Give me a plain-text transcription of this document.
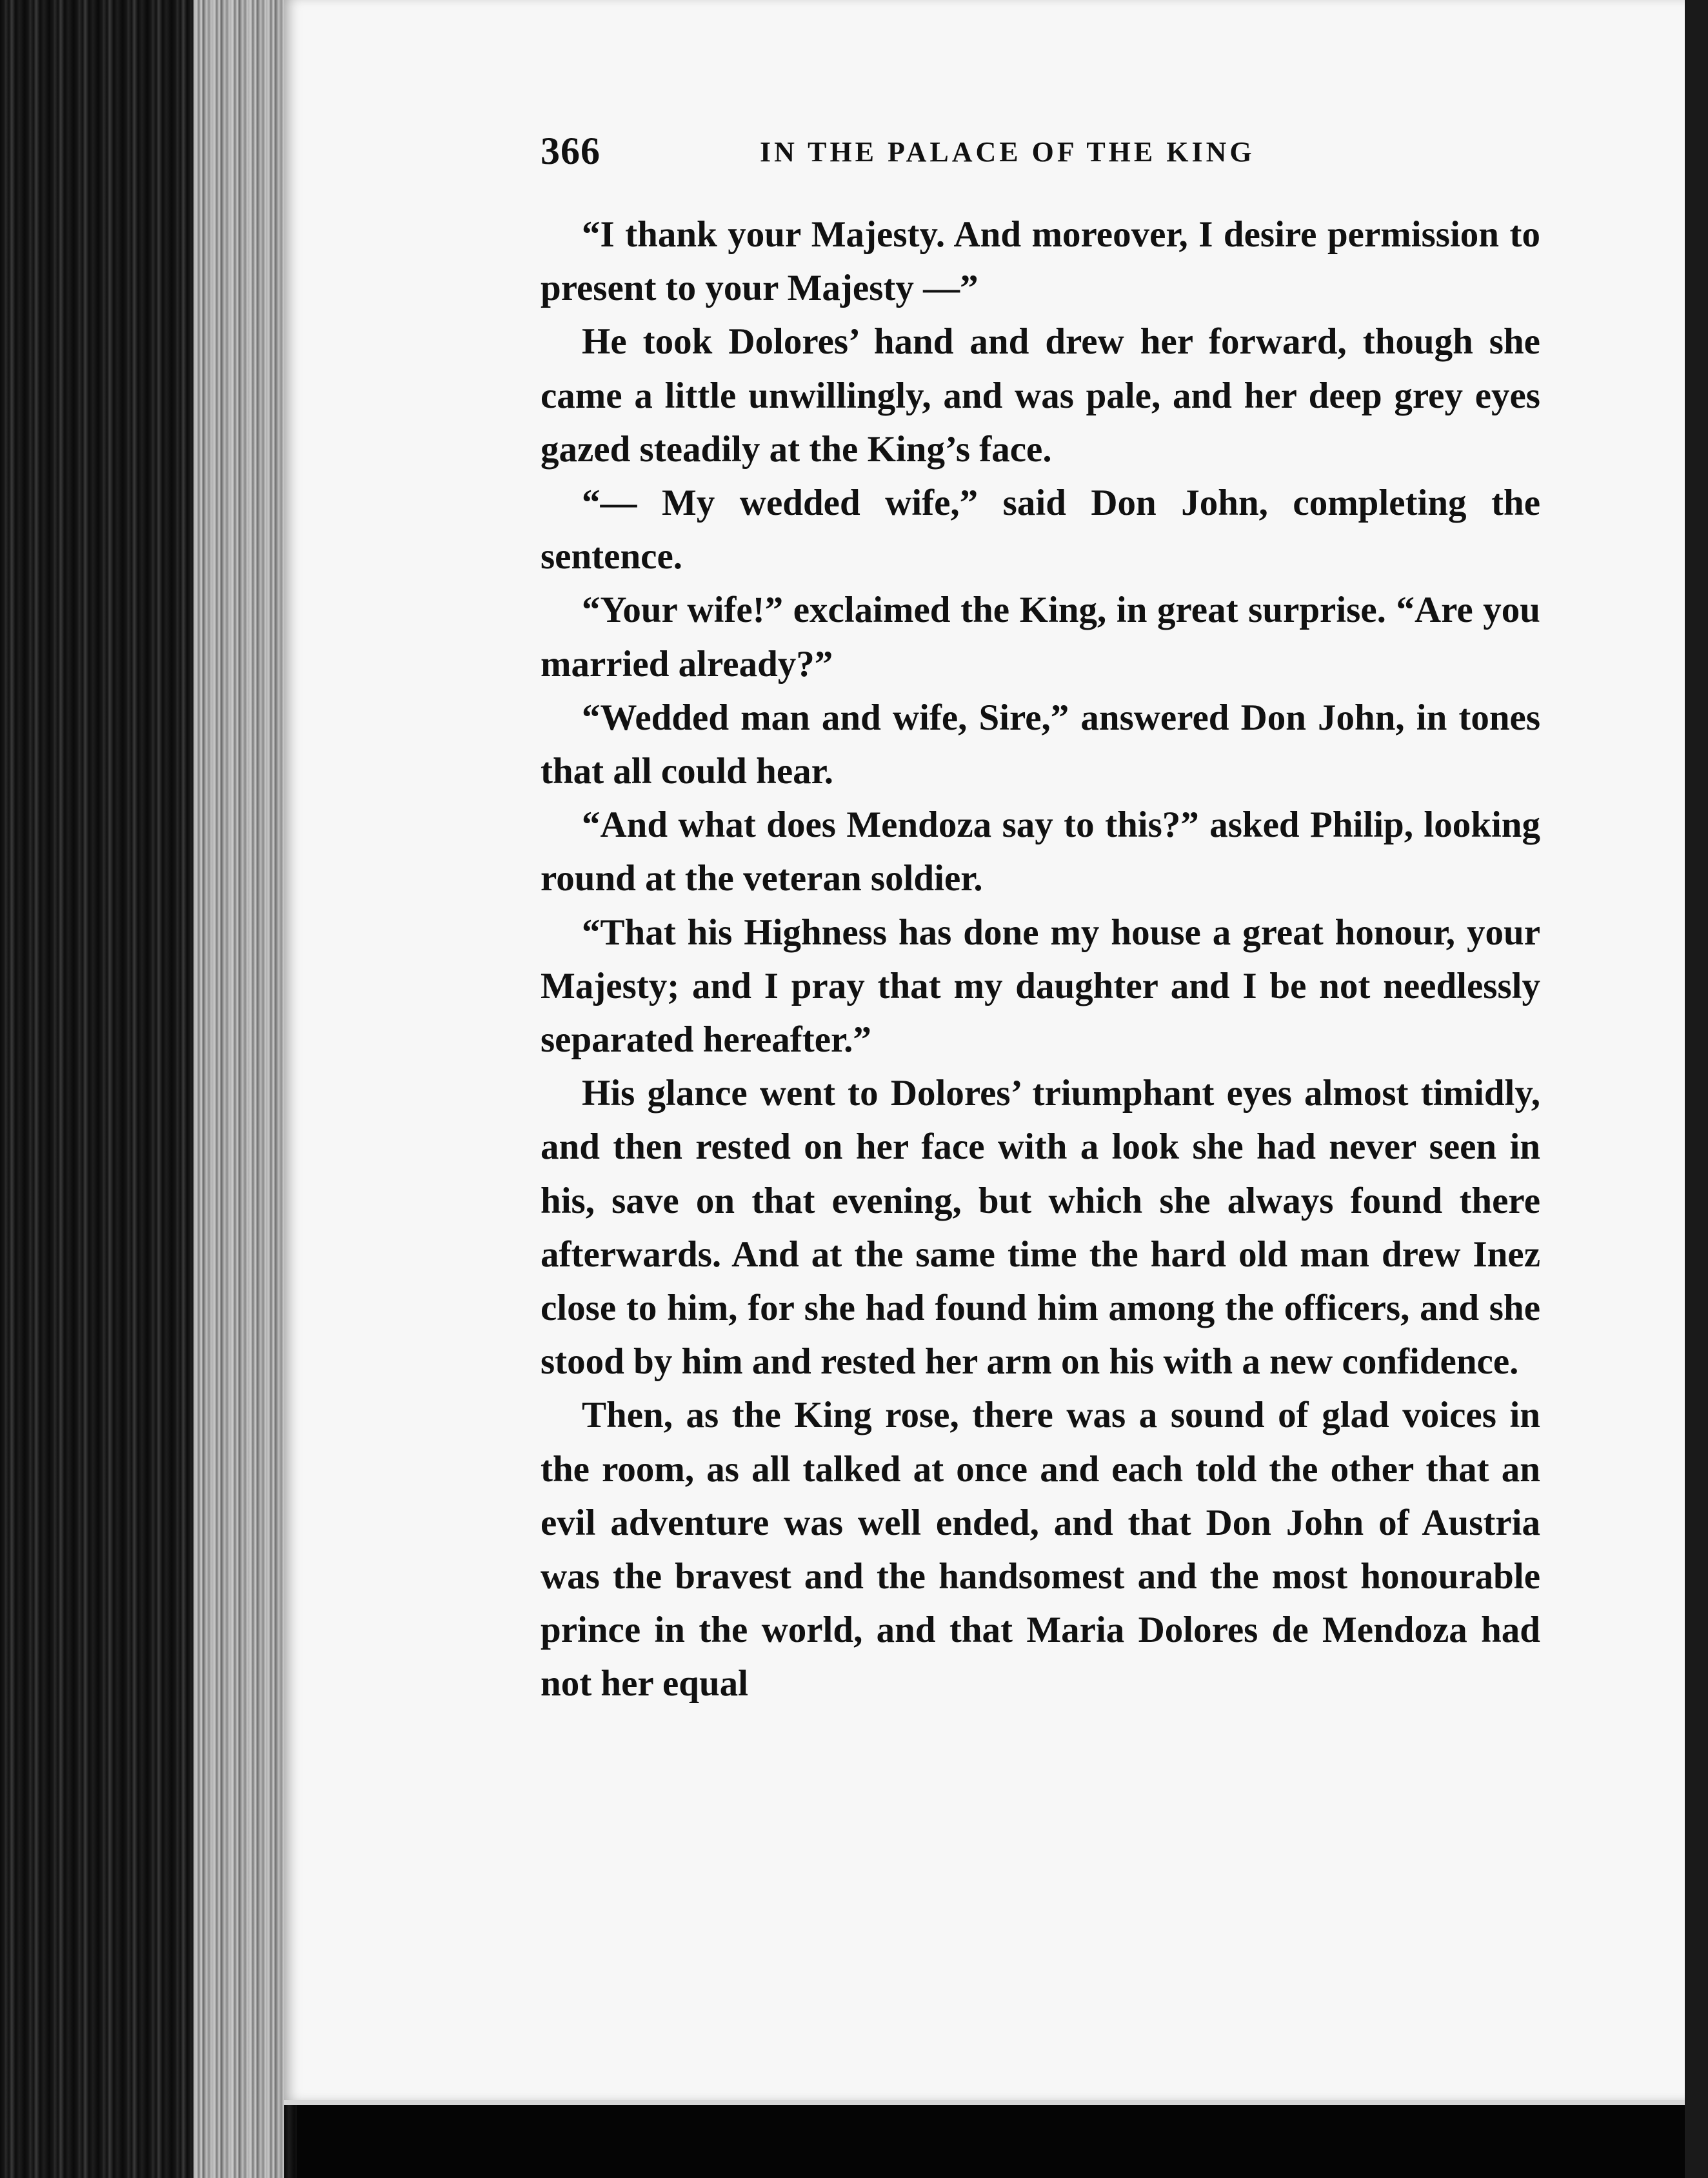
366	IN THE PALACE OF THE KING

“I thank your Majesty. And moreover, I desire permission to present to your Majesty —”

He took Dolores’ hand and drew her forward, though she came a little unwillingly, and was pale, and her deep grey eyes gazed steadily at the King’s face.

“— My wedded wife,” said Don John, completing the sentence.

“Your wife!” exclaimed the King, in great surprise. “Are you married already?”

“Wedded man and wife, Sire,” answered Don John, in tones that all could hear.

“And what does Mendoza say to this?” asked Philip, looking round at the veteran soldier.

“That his Highness has done my house a great honour, your Majesty; and I pray that my daughter and I be not needlessly separated hereafter.”

His glance went to Dolores’ triumphant eyes almost timidly, and then rested on her face with a look she had never seen in his, save on that evening, but which she always found there afterwards. And at the same time the hard old man drew Inez close to him, for she had found him among the officers, and she stood by him and rested her arm on his with a new confidence.

Then, as the King rose, there was a sound of glad voices in the room, as all talked at once and each told the other that an evil adventure was well ended, and that Don John of Austria was the bravest and the handsomest and the most honourable prince in the world, and that Maria Dolores de Mendoza had not her equal
